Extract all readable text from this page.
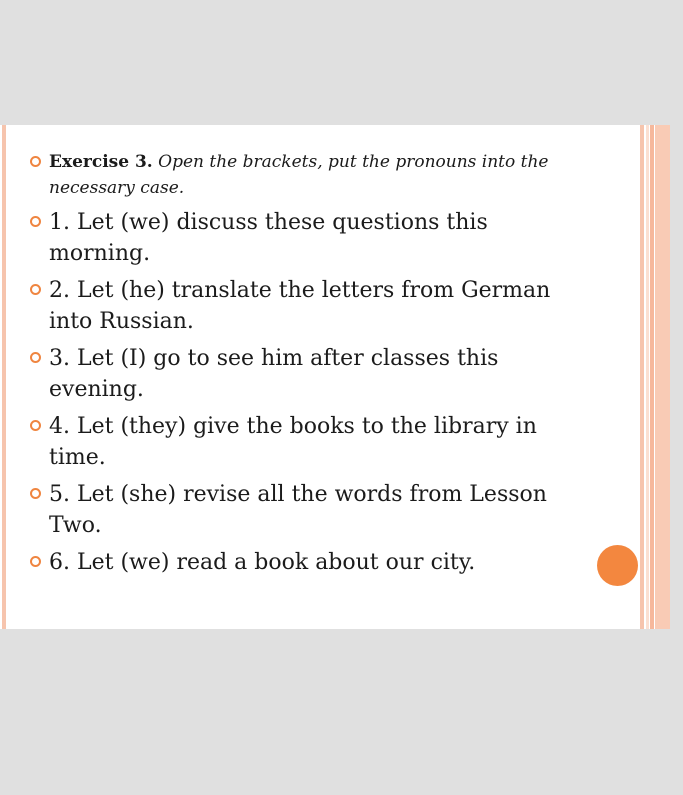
Exercise 3. Open the brackets, put the pronouns into the necessary case.
1. Let (we) discuss these questions this morning.
2. Let (he) translate the letters from German into Russian.
3. Let (I) go to see him after classes this evening.
4. Let (they) give the books to the library in time.
5. Let (she) revise all the words from Lesson Two.
6. Let (we) read a book about our city.
